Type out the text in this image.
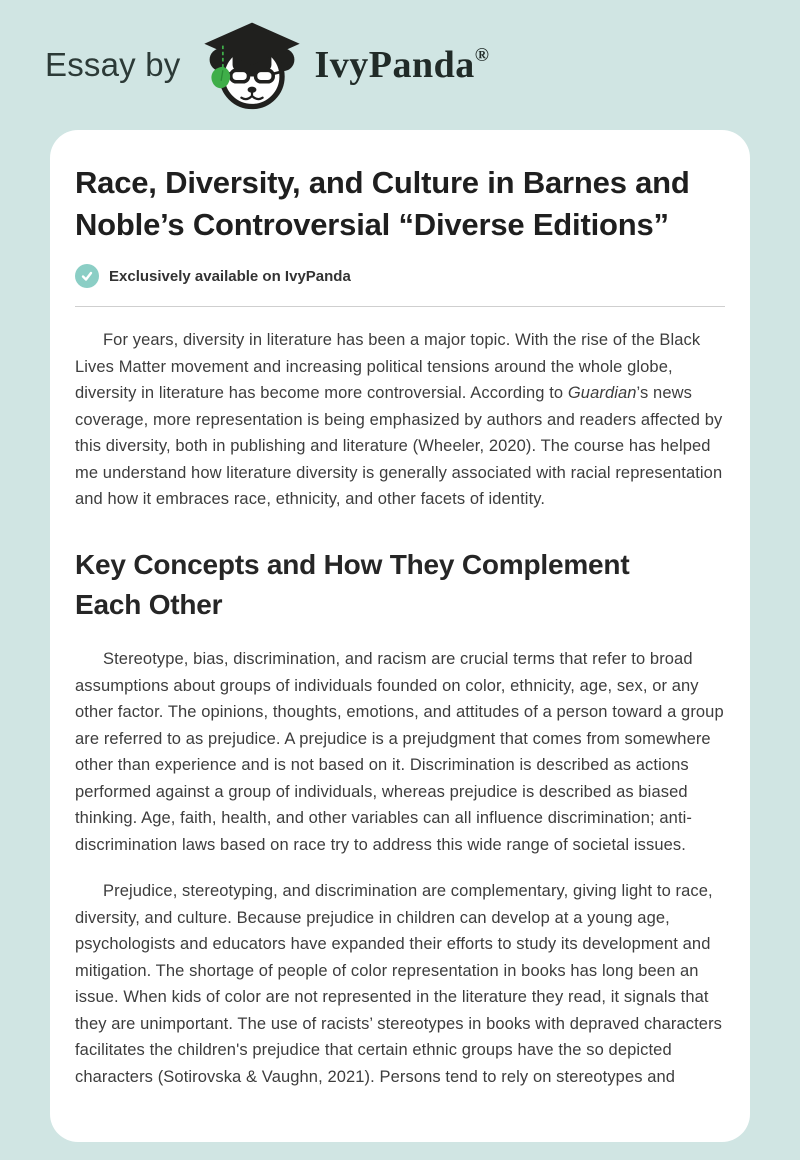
Essay by	IvyPanda®
Race, Diversity, and Culture in Barnes and Noble’s Controversial “Diverse Editions”
Exclusively available on IvyPanda

For years, diversity in literature has been a major topic. With the rise of the Black Lives Matter movement and increasing political tensions around the whole globe, diversity in literature has become more controversial. According to Guardian’s news coverage, more representation is being emphasized by authors and readers affected by this diversity, both in publishing and literature (Wheeler, 2020). The course has helped me understand how literature diversity is generally associated with racial representation and how it embraces race, ethnicity, and other facets of identity.

Key Concepts and How They Complement Each Other

Stereotype, bias, discrimination, and racism are crucial terms that refer to broad assumptions about groups of individuals founded on color, ethnicity, age, sex, or any other factor. The opinions, thoughts, emotions, and attitudes of a person toward a group are referred to as prejudice. A prejudice is a prejudgment that comes from somewhere other than experience and is not based on it. Discrimination is described as actions performed against a group of individuals, whereas prejudice is described as biased thinking. Age, faith, health, and other variables can all influence discrimination; anti-discrimination laws based on race try to address this wide range of societal issues.

Prejudice, stereotyping, and discrimination are complementary, giving light to race, diversity, and culture. Because prejudice in children can develop at a young age, psychologists and educators have expanded their efforts to study its development and mitigation. The shortage of people of color representation in books has long been an issue. When kids of color are not represented in the literature they read, it signals that they are unimportant. The use of racists’ stereotypes in books with depraved characters facilitates the children's prejudice that certain ethnic groups have the so depicted characters (Sotirovska & Vaughn, 2021). Persons tend to rely on stereotypes and
